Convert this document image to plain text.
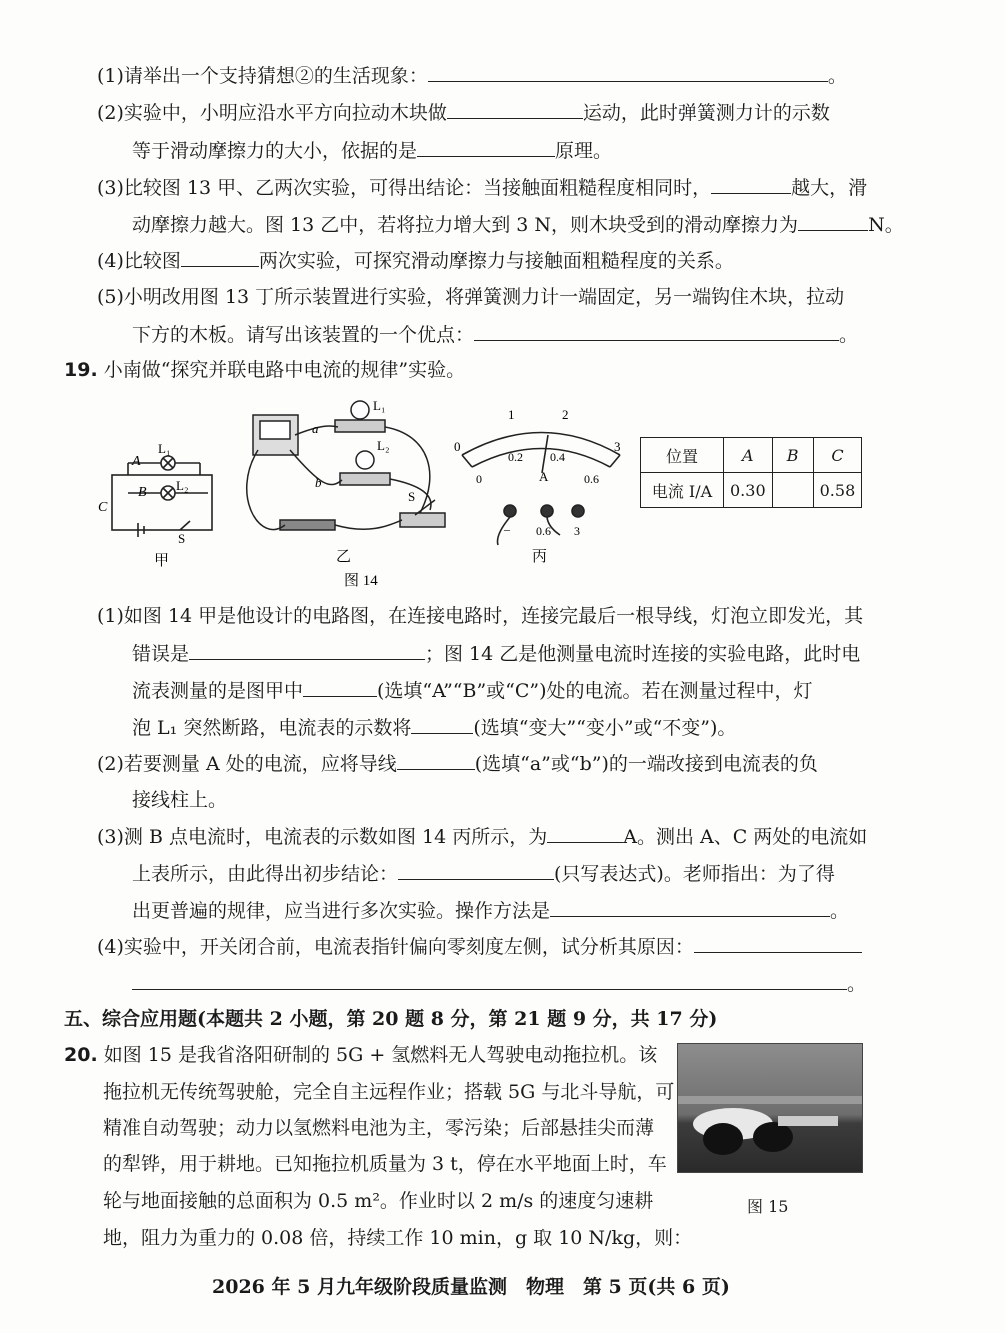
(1)请举出一个支持猜想②的生活现象：	。
(2)实验中，小明应沿水平方向拉动木块做	运动，此时弹簧测力计的示数
等于滑动摩擦力的大小，依据的是	原理。
(3)比较图 13 甲、乙两次实验，可得出结论：当接触面粗糙程度相同时，	越大，滑
动摩擦力越大。图 13 乙中，若将拉力增大到 3 N，则木块受到的滑动摩擦力为	N。
(4)比较图	两次实验，可探究滑动摩擦力与接触面粗糙程度的关系。
(5)小明改用图 13 丁所示装置进行实验，将弹簧测力计一端固定，另一端钩住木块，拉动
下方的木板。请写出该装置的一个优点：	。
19. 小南做“探究并联电路中电流的规律”实验。
A
B
C
L₁
L₂
S
甲
a
b
L₁
L₂
S
乙
图 14
0
1	2
3
0
0.2 0.4
0.6
A
– 0.6 3
丙
位置	A	B	C
电流 I/A	0.30		0.58
(1)如图 14 甲是他设计的电路图，在连接电路时，连接完最后一根导线，灯泡立即发光，其
错误是	；图 14 乙是他测量电流时连接的实验电路，此时电
流表测量的是图甲中	(选填“A”“B”或“C”)处的电流。若在测量过程中，灯
泡 L₁ 突然断路，电流表的示数将	(选填“变大”“变小”或“不变”)。
(2)若要测量 A 处的电流，应将导线	(选填“a”或“b”)的一端改接到电流表的负
接线柱上。
(3)测 B 点电流时，电流表的示数如图 14 丙所示，为	A。测出 A、C 两处的电流如
上表所示，由此得出初步结论：	(只写表达式)。老师指出：为了得
出更普遍的规律，应当进行多次实验。操作方法是	。
(4)实验中，开关闭合前，电流表指针偏向零刻度左侧，试分析其原因：
。
五、综合应用题(本题共 2 小题，第 20 题 8 分，第 21 题 9 分，共 17 分)
20. 如图 15 是我省洛阳研制的 5G + 氢燃料无人驾驶电动拖拉机。该
拖拉机无传统驾驶舱，完全自主远程作业；搭载 5G 与北斗导航，可
精准自动驾驶；动力以氢燃料电池为主，零污染；后部悬挂尖而薄
的犁铧，用于耕地。已知拖拉机质量为 3 t，停在水平地面上时，车
轮与地面接触的总面积为 0.5 m²。作业时以 2 m/s 的速度匀速耕
地，阻力为重力的 0.08 倍，持续工作 10 min，g 取 10 N/kg，则：
图 15
2026 年 5 月九年级阶段质量监测　物理　第 5 页(共 6 页)
